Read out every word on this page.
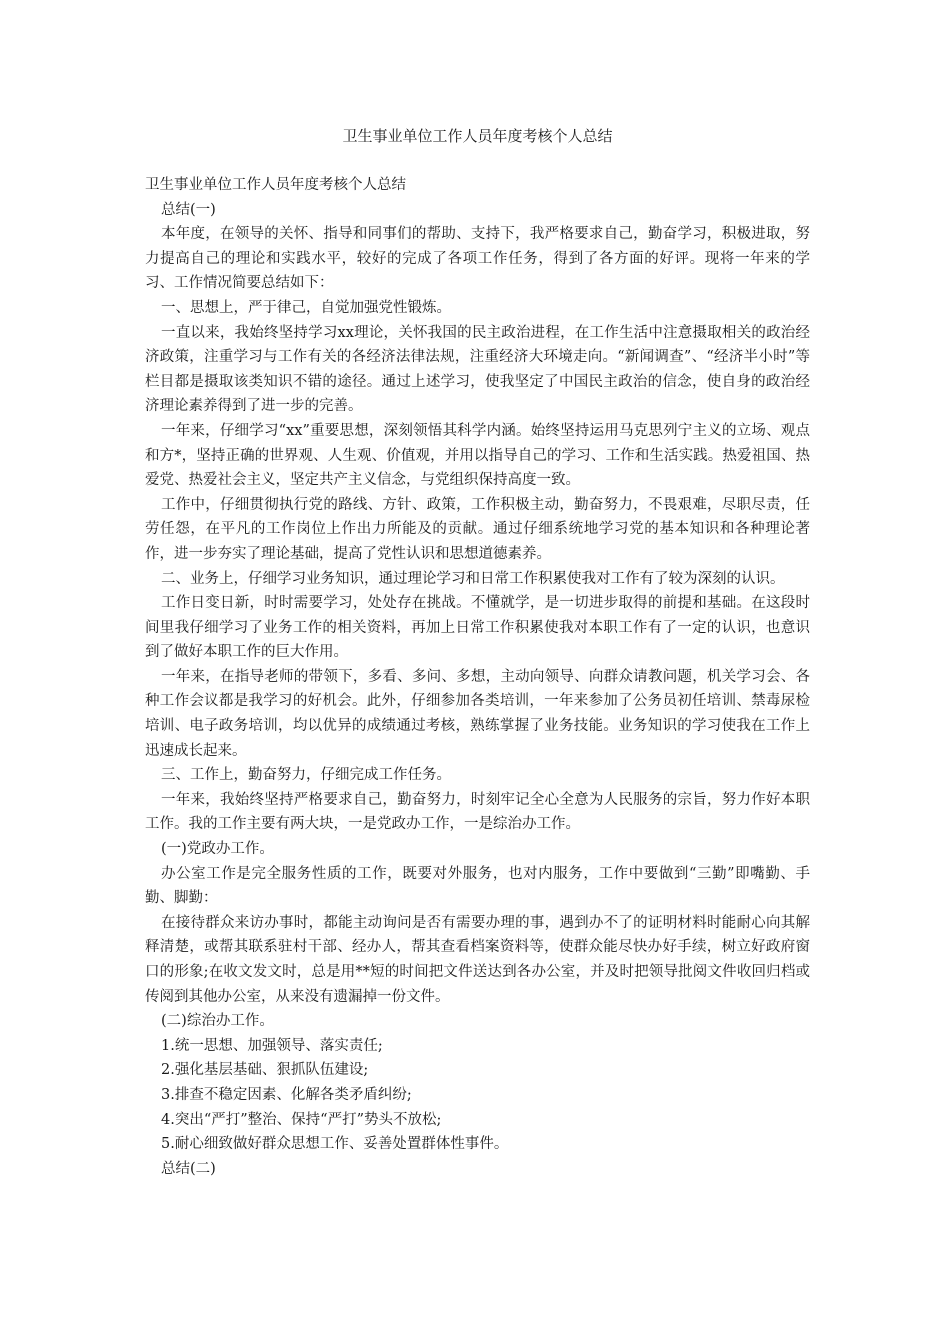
卫生事业单位工作人员年度考核个人总结

卫生事业单位工作人员年度考核个人总结

总结(一)

本年度，在领导的关怀、指导和同事们的帮助、支持下，我严格要求自己，勤奋学习，积极进取，努力提高自己的理论和实践水平，较好的完成了各项工作任务，得到了各方面的好评。现将一年来的学习、工作情况简要总结如下：

一、思想上，严于律己，自觉加强党性锻炼。

一直以来，我始终坚持学习xx理论，关怀我国的民主政治进程，在工作生活中注意摄取相关的政治经济政策，注重学习与工作有关的各经济法律法规，注重经济大环境走向。“新闻调查”、“经济半小时”等栏目都是摄取该类知识不错的途径。通过上述学习，使我坚定了中国民主政治的信念，使自身的政治经济理论素养得到了进一步的完善。

一年来，仔细学习“xx”重要思想，深刻领悟其科学内涵。始终坚持运用马克思列宁主义的立场、观点和方*，坚持正确的世界观、人生观、价值观，并用以指导自己的学习、工作和生活实践。热爱祖国、热爱党、热爱社会主义，坚定共产主义信念，与党组织保持高度一致。

工作中，仔细贯彻执行党的路线、方针、政策，工作积极主动，勤奋努力，不畏艰难，尽职尽责，任劳任怨，在平凡的工作岗位上作出力所能及的贡献。通过仔细系统地学习党的基本知识和各种理论著作，进一步夯实了理论基础，提高了党性认识和思想道德素养。

二、业务上，仔细学习业务知识，通过理论学习和日常工作积累使我对工作有了较为深刻的认识。

工作日变日新，时时需要学习，处处存在挑战。不懂就学，是一切进步取得的前提和基础。在这段时间里我仔细学习了业务工作的相关资料，再加上日常工作积累使我对本职工作有了一定的认识，也意识到了做好本职工作的巨大作用。

一年来，在指导老师的带领下，多看、多问、多想，主动向领导、向群众请教问题，机关学习会、各种工作会议都是我学习的好机会。此外，仔细参加各类培训，一年来参加了公务员初任培训、禁毒尿检培训、电子政务培训，均以优异的成绩通过考核，熟练掌握了业务技能。业务知识的学习使我在工作上迅速成长起来。

三、工作上，勤奋努力，仔细完成工作任务。

一年来，我始终坚持严格要求自己，勤奋努力，时刻牢记全心全意为人民服务的宗旨，努力作好本职工作。我的工作主要有两大块，一是党政办工作，一是综治办工作。

(一)党政办工作。

办公室工作是完全服务性质的工作，既要对外服务，也对内服务，工作中要做到“三勤”即嘴勤、手勤、脚勤：

在接待群众来访办事时，都能主动询问是否有需要办理的事，遇到办不了的证明材料时能耐心向其解释清楚，或帮其联系驻村干部、经办人，帮其查看档案资料等，使群众能尽快办好手续，树立好政府窗口的形象;在收文发文时，总是用**短的时间把文件送达到各办公室，并及时把领导批阅文件收回归档或传阅到其他办公室，从来没有遗漏掉一份文件。

(二)综治办工作。

1.统一思想、加强领导、落实责任;

2.强化基层基础、狠抓队伍建设;

3.排查不稳定因素、化解各类矛盾纠纷;

4.突出“严打”整治、保持“严打”势头不放松;

5.耐心细致做好群众思想工作、妥善处置群体性事件。

总结(二)
